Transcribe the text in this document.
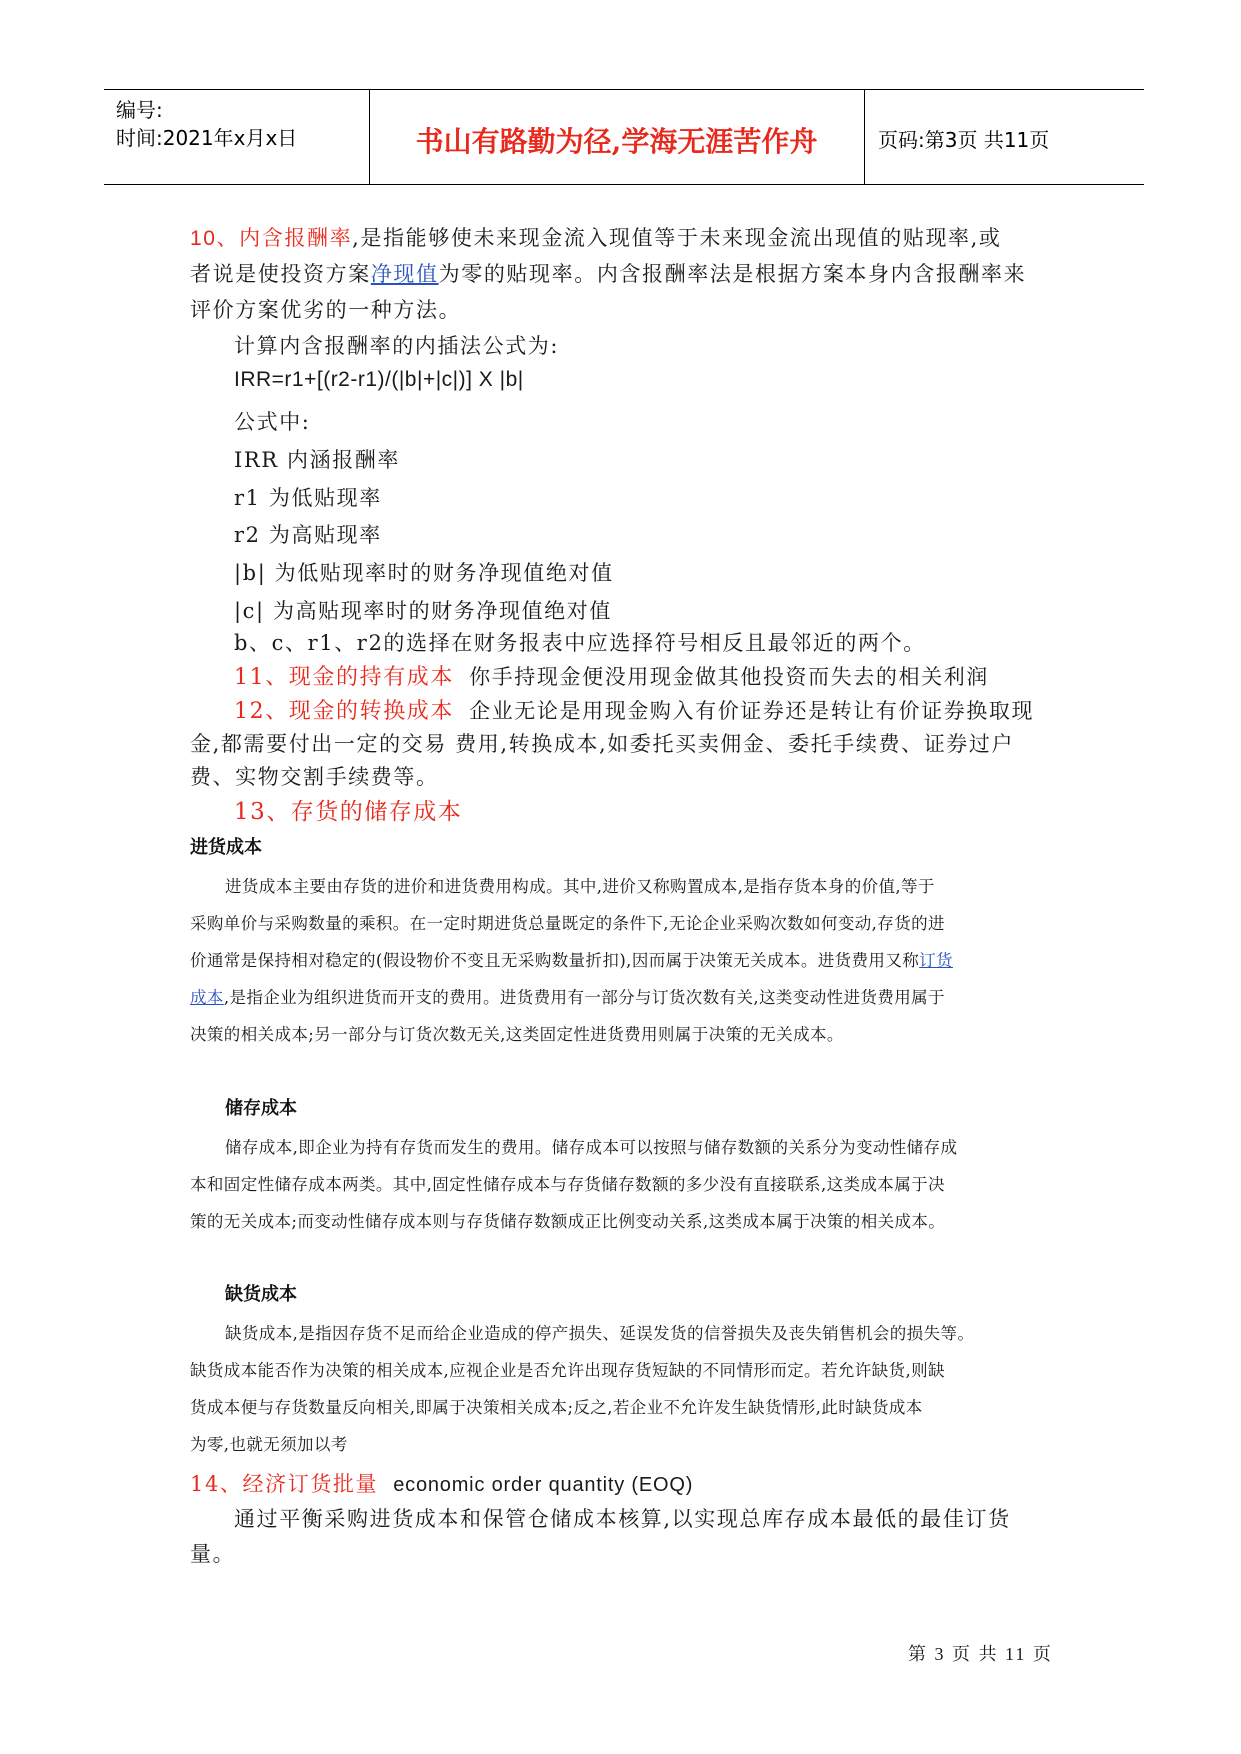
编号:
时间:2021年x月x日	书山有路勤为径,学海无涯苦作舟	页码:第3页 共11页
10、内含报酬率,是指能够使未来现金流入现值等于未来现金流出现值的贴现率,或
者说是使投资方案净现值为零的贴现率。内含报酬率法是根据方案本身内含报酬率来
评价方案优劣的一种方法。
计算内含报酬率的内插法公式为:
IRR=r1+[(r2-r1)/(|b|+|c|)] X |b|
公式中:
IRR 内涵报酬率
r1 为低贴现率
r2 为高贴现率
|b| 为低贴现率时的财务净现值绝对值
|c| 为高贴现率时的财务净现值绝对值
b、c、r1、r2的选择在财务报表中应选择符号相反且最邻近的两个。
11、现金的持有成本 你手持现金便没用现金做其他投资而失去的相关利润
12、现金的转换成本 企业无论是用现金购入有价证券还是转让有价证券换取现
金,都需要付出一定的交易 费用,转换成本,如委托买卖佣金、委托手续费、证券过户
费、实物交割手续费等。
13、存货的储存成本
进货成本
进货成本主要由存货的进价和进货费用构成。其中,进价又称购置成本,是指存货本身的价值,等于
采购单价与采购数量的乘积。在一定时期进货总量既定的条件下,无论企业采购次数如何变动,存货的进
价通常是保持相对稳定的(假设物价不变且无采购数量折扣),因而属于决策无关成本。进货费用又称订货
成本,是指企业为组织进货而开支的费用。进货费用有一部分与订货次数有关,这类变动性进货费用属于
决策的相关成本;另一部分与订货次数无关,这类固定性进货费用则属于决策的无关成本。
储存成本
储存成本,即企业为持有存货而发生的费用。储存成本可以按照与储存数额的关系分为变动性储存成
本和固定性储存成本两类。其中,固定性储存成本与存货储存数额的多少没有直接联系,这类成本属于决
策的无关成本;而变动性储存成本则与存货储存数额成正比例变动关系,这类成本属于决策的相关成本。
缺货成本
缺货成本,是指因存货不足而给企业造成的停产损失、延误发货的信誉损失及丧失销售机会的损失等。
缺货成本能否作为决策的相关成本,应视企业是否允许出现存货短缺的不同情形而定。若允许缺货,则缺
货成本便与存货数量反向相关,即属于决策相关成本;反之,若企业不允许发生缺货情形,此时缺货成本
为零,也就无须加以考
14、经济订货批量 economic order quantity (EOQ)
通过平衡采购进货成本和保管仓储成本核算,以实现总库存成本最低的最佳订货
量。
第 3 页 共 11 页
